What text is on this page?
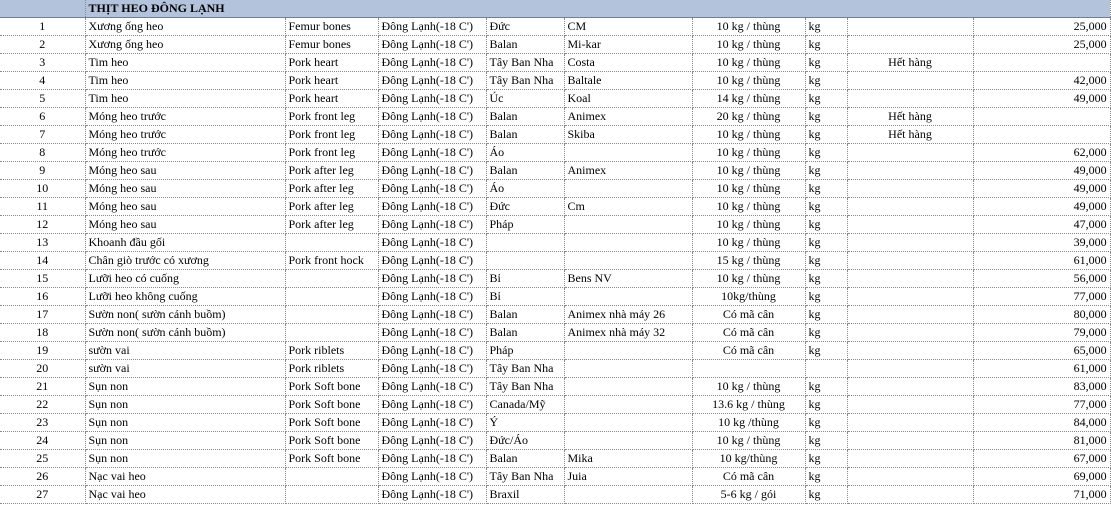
	THỊT HEO ĐÔNG LẠNH								
1	Xương ống heo	Femur bones	Đông Lạnh(-18 C')	Đức	CM	10 kg / thùng	kg		25,000
2	Xương ống heo	Femur bones	Đông Lạnh(-18 C')	Balan	Mi-kar	10 kg / thùng	kg		25,000
3	Tim heo	Pork heart	Đông Lạnh(-18 C')	Tây Ban Nha	Costa	10 kg / thùng	kg	Hết hàng	
4	Tim heo	Pork heart	Đông Lạnh(-18 C')	Tây Ban Nha	Baltale	10 kg / thùng	kg		42,000
5	Tim heo	Pork heart	Đông Lạnh(-18 C')	Úc	Koal	14 kg / thùng	kg		49,000
6	Móng heo trước	Pork front leg	Đông Lạnh(-18 C')	Balan	Animex	20 kg / thùng	kg	Hết hàng	
7	Móng heo trước	Pork front leg	Đông Lạnh(-18 C')	Balan	Skiba	10 kg / thùng	kg	Hết hàng	
8	Móng heo trước	Pork front leg	Đông Lạnh(-18 C')	Áo		10 kg / thùng	kg		62,000
9	Móng heo sau	Pork after leg	Đông Lạnh(-18 C')	Balan	Animex	10 kg / thùng	kg		49,000
10	Móng heo sau	Pork after leg	Đông Lạnh(-18 C')	Áo		10 kg / thùng	kg		49,000
11	Móng heo sau	Pork after leg	Đông Lạnh(-18 C')	Đức	Cm	10 kg / thùng	kg		49,000
12	Móng heo sau	Pork after leg	Đông Lạnh(-18 C')	Pháp		10 kg / thùng	kg		47,000
13	Khoanh đầu gối		Đông Lạnh(-18 C')			10 kg / thùng	kg		39,000
14	Chân giò trước có xương	Pork front hock	Đông Lạnh(-18 C')			15 kg / thùng	kg		61,000
15	Lưỡi heo có cuống		Đông Lạnh(-18 C')	Bỉ	Bens NV	10 kg / thùng	kg		56,000
16	Lưỡi heo không cuống		Đông Lạnh(-18 C')	Bỉ		10kg/thùng	kg		77,000
17	Sườn non( sườn cánh buồm)		Đông Lạnh(-18 C')	Balan	Animex nhà máy 26	Có mã cân	kg		80,000
18	Sườn non( sườn cánh buồm)		Đông Lạnh(-18 C')	Balan	Animex nhà máy 32	Có mã cân	kg		79,000
19	sườn vai	Pork riblets	Đông Lạnh(-18 C')	Pháp		Có mã cân	kg		65,000
20	sườn vai	Pork riblets	Đông Lạnh(-18 C')	Tây Ban Nha					61,000
21	Sụn non	Pork Soft bone	Đông Lạnh(-18 C')	Tây Ban Nha		10 kg / thùng	kg		83,000
22	Sụn non	Pork Soft bone	Đông Lạnh(-18 C')	Canada/Mỹ		13.6 kg / thùng	kg		77,000
23	Sụn non	Pork Soft bone	Đông Lạnh(-18 C')	Ý		10 kg /thùng	kg		84,000
24	Sụn non	Pork Soft bone	Đông Lạnh(-18 C')	Đức/Áo		10 kg / thùng	kg		81,000
25	Sụn non	Pork Soft bone	Đông Lạnh(-18 C')	Balan	Mika	10 kg/thùng	kg		67,000
26	Nạc vai heo		Đông Lạnh(-18 C')	Tây Ban Nha	Juia	Có mã cân	kg		69,000
27	Nạc vai heo		Đông Lạnh(-18 C')	Braxil		5-6 kg / gói	kg		71,000
